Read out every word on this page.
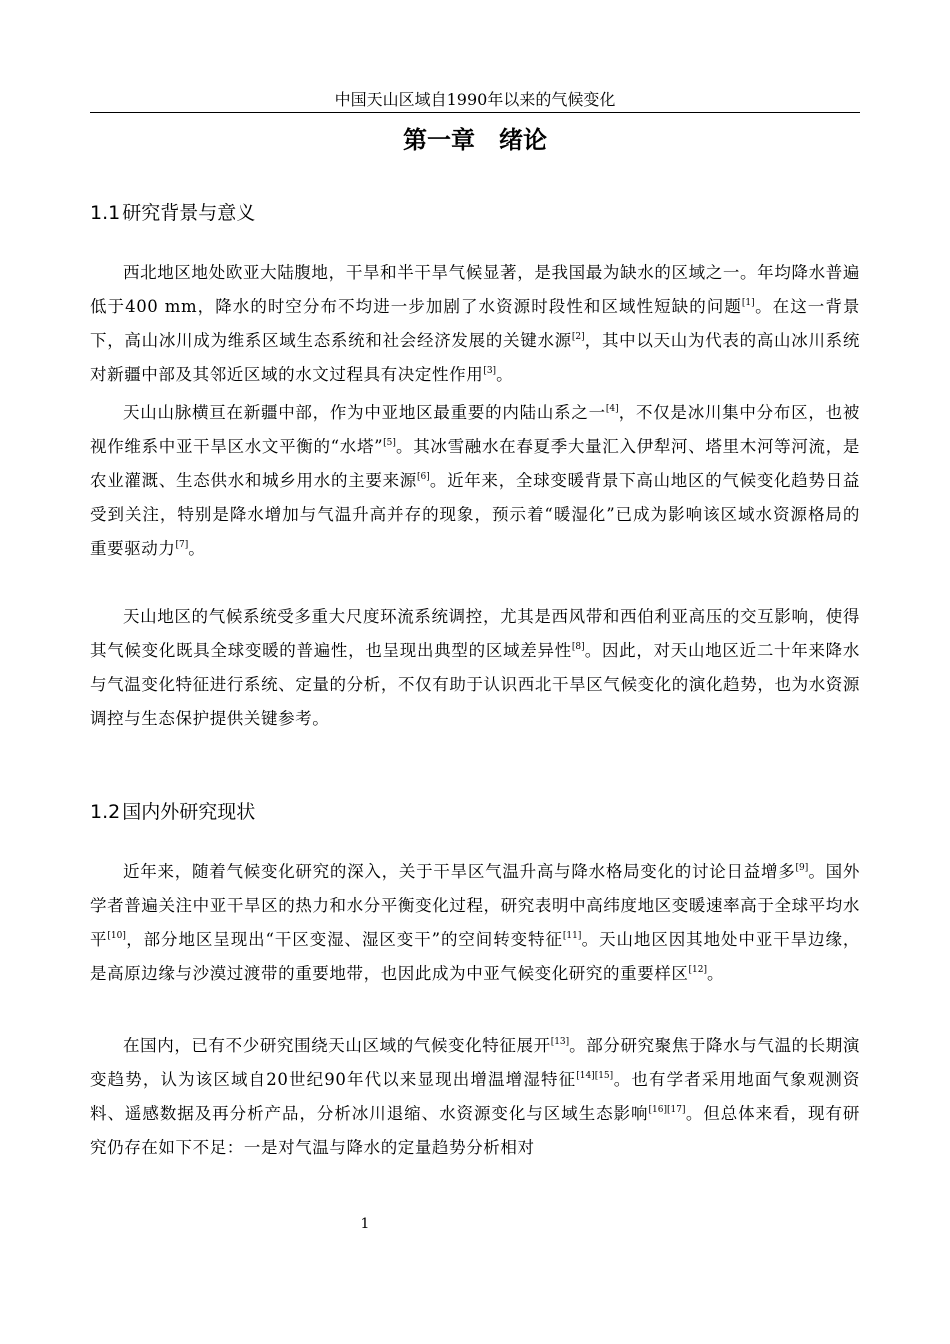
中国天山区域自1990年以来的气候变化
第一章　绪论
1.1 研究背景与意义

西北地区地处欧亚大陆腹地，干旱和半干旱气候显著，是我国最为缺水的区域之一。年均降水普遍低于400 mm，降水的时空分布不均进一步加剧了水资源时段性和区域性短缺的问题[1]。在这一背景下，高山冰川成为维系区域生态系统和社会经济发展的关键水源[2]，其中以天山为代表的高山冰川系统对新疆中部及其邻近区域的水文过程具有决定性作用[3]。

天山山脉横亘在新疆中部，作为中亚地区最重要的内陆山系之一[4]，不仅是冰川集中分布区，也被视作维系中亚干旱区水文平衡的“水塔”[5]。其冰雪融水在春夏季大量汇入伊犁河、塔里木河等河流，是农业灌溉、生态供水和城乡用水的主要来源[6]。近年来，全球变暖背景下高山地区的气候变化趋势日益受到关注，特别是降水增加与气温升高并存的现象，预示着“暖湿化”已成为影响该区域水资源格局的重要驱动力[7]。

天山地区的气候系统受多重大尺度环流系统调控，尤其是西风带和西伯利亚高压的交互影响，使得其气候变化既具全球变暖的普遍性，也呈现出典型的区域差异性[8]。因此，对天山地区近二十年来降水与气温变化特征进行系统、定量的分析，不仅有助于认识西北干旱区气候变化的演化趋势，也为水资源调控与生态保护提供关键参考。

1.2 国内外研究现状

近年来，随着气候变化研究的深入，关于干旱区气温升高与降水格局变化的讨论日益增多[9]。国外学者普遍关注中亚干旱区的热力和水分平衡变化过程，研究表明中高纬度地区变暖速率高于全球平均水平[10]，部分地区呈现出“干区变湿、湿区变干”的空间转变特征[11]。天山地区因其地处中亚干旱边缘，是高原边缘与沙漠过渡带的重要地带，也因此成为中亚气候变化研究的重要样区[12]。

在国内，已有不少研究围绕天山区域的气候变化特征展开[13]。部分研究聚焦于降水与气温的长期演变趋势，认为该区域自20世纪90年代以来显现出增温增湿特征[14][15]。也有学者采用地面气象观测资料、遥感数据及再分析产品，分析冰川退缩、水资源变化与区域生态影响[16][17]。但总体来看，现有研究仍存在如下不足：一是对气温与降水的定量趋势分析相对

1
